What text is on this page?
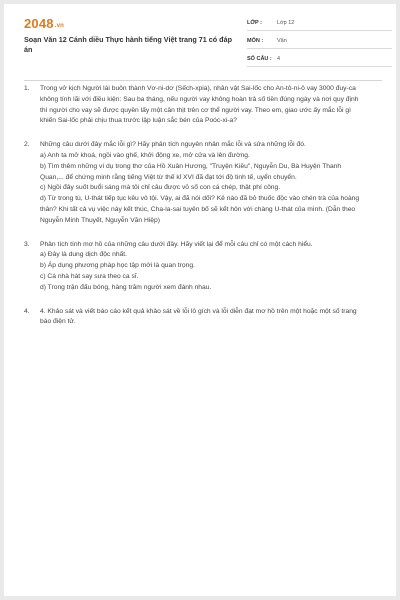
2048.vn
Soạn Văn 12 Cánh diều Thực hành tiếng Việt trang 71 có đáp án
LỚP :	Lớp 12
MÔN :	Văn
SỐ CÂU : 4
1.	Trong vở kịch Người lái buôn thành Vơ-ni-dơ (Sếch-xpia), nhân vật Sai-lốc cho An-tô-ni-ô vay 3000 đuy-ca không tính lãi với điều kiện: Sau ba tháng, nếu người vay không hoàn trả số tiền đúng ngày và nơi quy định thì người cho vay sẽ được quyền lấy một cân thịt trên cơ thể người vay. Theo em, giao ước ấy mắc lỗi gì khiến Sai-lốc phải chịu thua trước lập luận sắc bén của Poóc-xi-a?

2.	Những câu dưới đây mắc lỗi gì? Hãy phân tích nguyên nhân mắc lỗi và sửa những lỗi đó.

a) Anh ta mở khoá, ngồi vào ghế, khởi động xe, mở cửa và lên đường.

b) Tìm thêm những ví dụ trong thơ của Hồ Xuân Hương, "Truyện Kiều", Nguyễn Du, Bà Huyện Thanh Quan,... để chứng minh rằng tiếng Việt từ thế kỉ XVI đã đạt tới độ tinh tế, uyển chuyển.

c) Ngồi đây suốt buổi sáng mà tôi chỉ câu được vỏ số con cá chép, thật phí công.

d) Từ trong tù, U-thát tiếp tục kêu vô tội. Vậy, ai đã nói dối? Kẻ nào đã bỏ thuốc độc vào chén trà của hoàng thân? Khi tất cả vụ việc này kết thúc, Cha-la-sai tuyên bố sẽ kết hôn với chàng U-thát của mình. (Dẫn theo Nguyễn Minh Thuyết, Nguyễn Văn Hiệp)

3.	Phân tích tính mơ hồ của những câu dưới đây. Hãy viết lại để mỗi câu chỉ có một cách hiểu.

a) Đây là dung dịch độc nhất.

b) Áp dụng phương pháp học tập mới là quan trọng.

c) Cá nhà hát say sưa theo ca sĩ.

d) Trong trận đấu bóng, hàng trăm người xem đánh nhau.

4.	4. Khảo sát và viết báo cáo kết quả khảo sát về lỗi lô gích và lỗi diễn đạt mơ hồ trên một hoặc một số trang báo điện tử.
